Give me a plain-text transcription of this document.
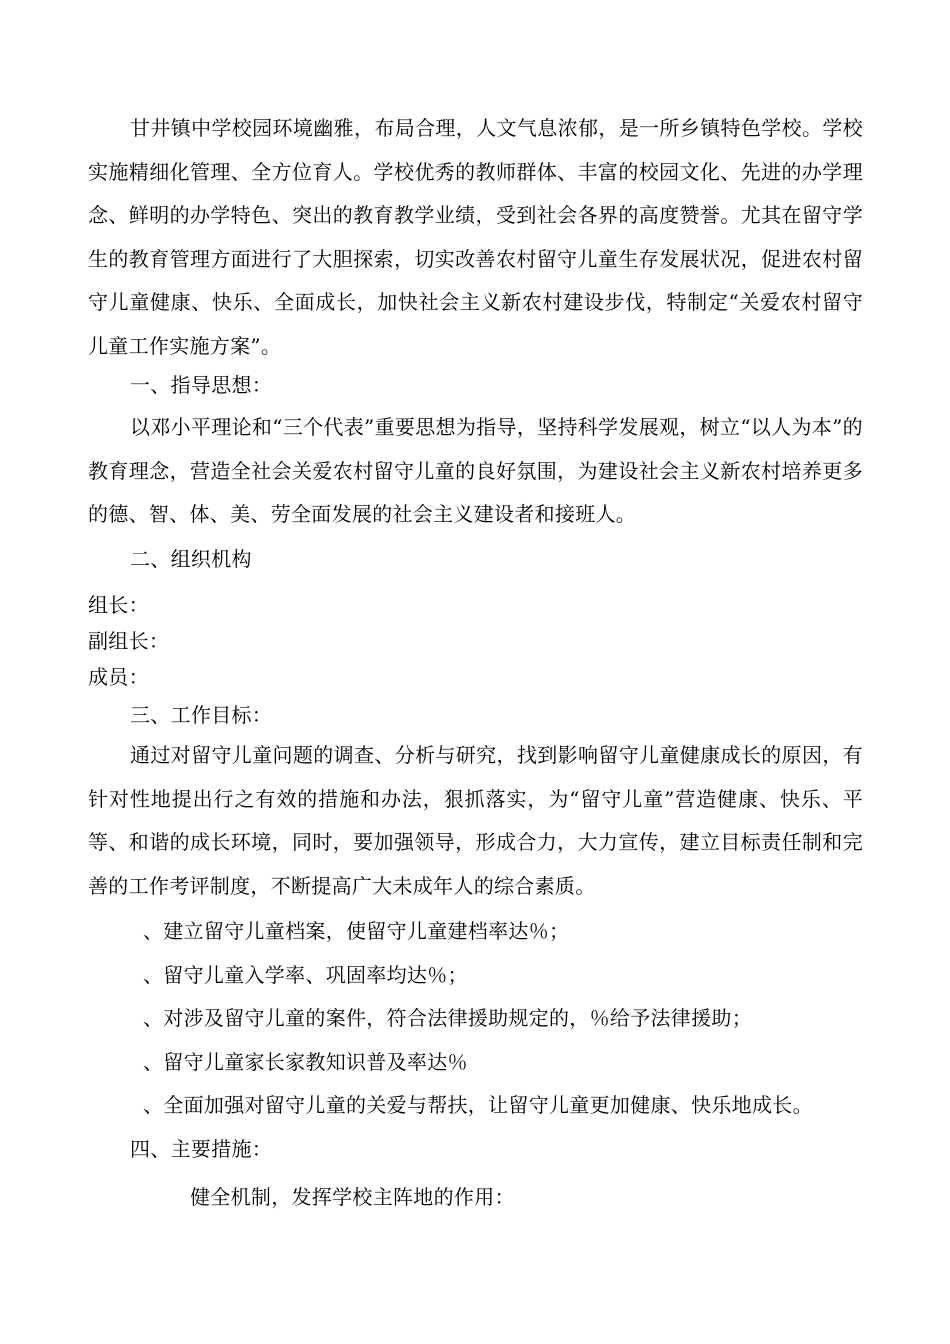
甘井镇中学校园环境幽雅，布局合理，人文气息浓郁，是一所乡镇特色学校。学校实施精细化管理、全方位育人。学校优秀的教师群体、丰富的校园文化、先进的办学理念、鲜明的办学特色、突出的教育教学业绩，受到社会各界的高度赞誉。尤其在留守学生的教育管理方面进行了大胆探索，切实改善农村留守儿童生存发展状况，促进农村留守儿童健康、快乐、全面成长，加快社会主义新农村建设步伐，特制定“关爱农村留守儿童工作实施方案”。

一、指导思想：

以邓小平理论和“三个代表”重要思想为指导，坚持科学发展观，树立“以人为本”的教育理念，营造全社会关爱农村留守儿童的良好氛围，为建设社会主义新农村培养更多的德、智、体、美、劳全面发展的社会主义建设者和接班人。

二、组织机构

组长：

副组长：

成员：

三、工作目标：

通过对留守儿童问题的调查、分析与研究，找到影响留守儿童健康成长的原因，有针对性地提出行之有效的措施和办法，狠抓落实，为“留守儿童”营造健康、快乐、平等、和谐的成长环境，同时，要加强领导，形成合力，大力宣传，建立目标责任制和完善的工作考评制度，不断提高广大未成年人的综合素质。

、建立留守儿童档案，使留守儿童建档率达％；

、留守儿童入学率、巩固率均达％；

、对涉及留守儿童的案件，符合法律援助规定的，％给予法律援助；

、留守儿童家长家教知识普及率达％

、全面加强对留守儿童的关爱与帮扶，让留守儿童更加健康、快乐地成长。

四、主要措施：

健全机制，发挥学校主阵地的作用：
